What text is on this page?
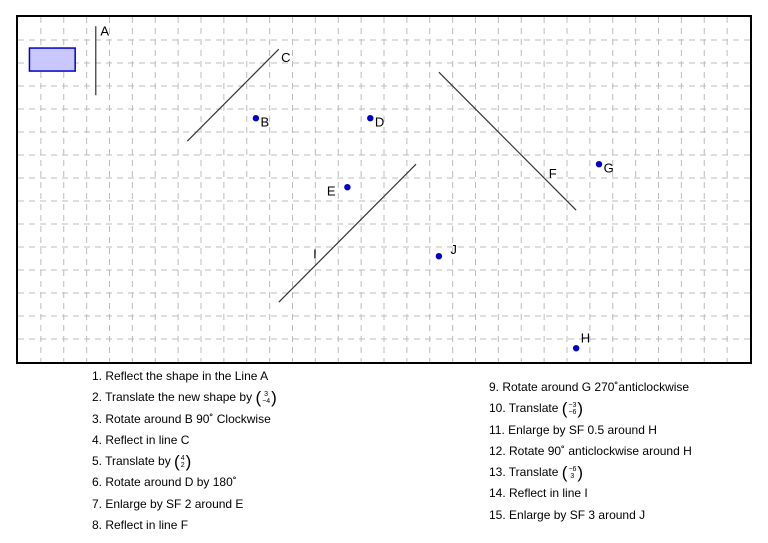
A
C
F
I
B	D
E
G
J
H
1. Reflect the shape in the Line A
2. Translate the new shape by ( 3
−4 )
3. Rotate around B 90˚ Clockwise
4. Reflect in line C
5. Translate by ( 4
2 )
6. Rotate around D by 180˚
7. Enlarge by SF 2 around E
8. Reflect in line F
9. Rotate around G 270˚anticlockwise
10. Translate ( −3
−6 )
11. Enlarge by SF 0.5 around H
12. Rotate 90˚ anticlockwise around H
13. Translate ( −6
3 )
14. Reflect in line I
15. Enlarge by SF 3 around J
